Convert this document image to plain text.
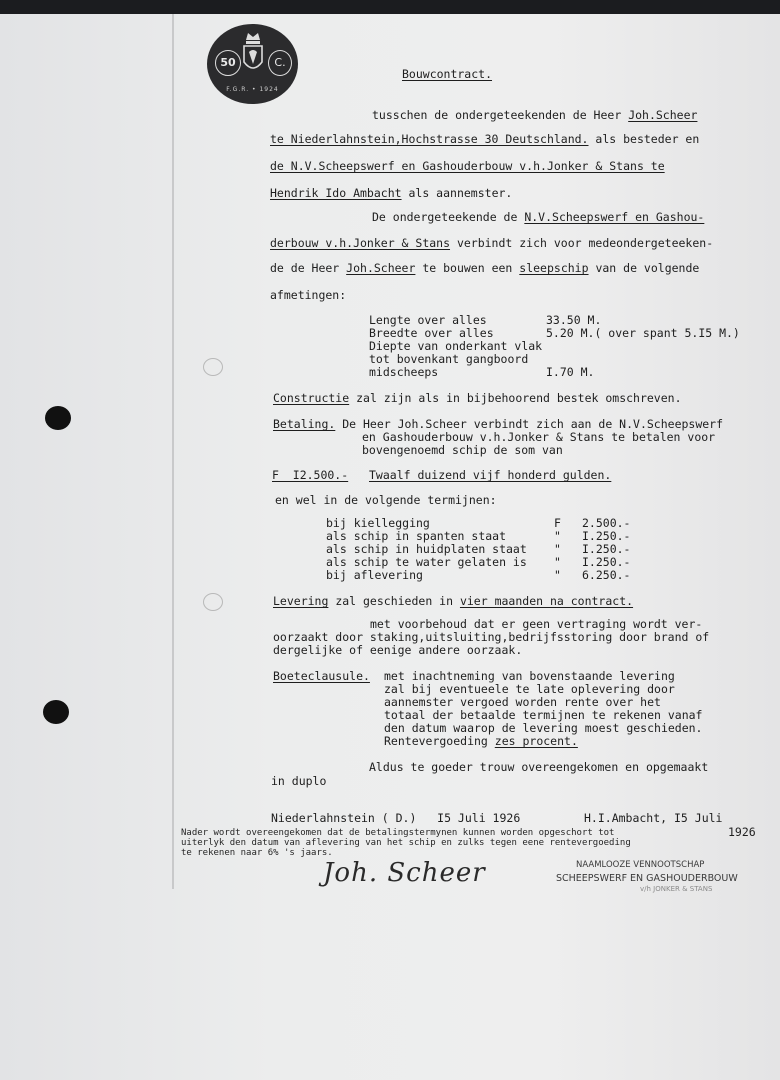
50	C.
F.G.R. • 1924
Bouwcontract.
tusschen de ondergeteekenden de Heer Joh.Scheer
te Niederlahnstein,Hochstrasse 30 Deutschland. als besteder en
de N.V.Scheepswerf en Gashouderbouw v.h.Jonker & Stans te
Hendrik Ido Ambacht als aannemster.
De ondergeteekende de N.V.Scheepswerf en Gashou-
derbouw v.h.Jonker & Stans verbindt zich voor medeondergeteeken-
de de Heer Joh.Scheer te bouwen een sleepschip van de volgende
afmetingen:
Lengte over alles	33.50 M.
Breedte over alles	5.20 M.( over spant 5.I5 M.)
Diepte van onderkant vlak
tot bovenkant gangboord
midscheeps	I.70 M.
Constructie zal zijn als in bijbehoorend bestek omschreven.
Betaling. De Heer Joh.Scheer verbindt zich aan de N.V.Scheepswerf
en Gashouderbouw v.h.Jonker & Stans te betalen voor
bovengenoemd schip de som van
F  I2.500.- Twaalf duizend vijf honderd gulden.
en wel in de volgende termijnen:
bij kiellegging	F 2.500.-
als schip in spanten staat	" I.250.-
als schip in huidplaten staat " I.250.-
als schip te water gelaten is " I.250.-
bij aflevering	" 6.250.-
Levering zal geschieden in vier maanden na contract.
met voorbehoud dat er geen vertraging wordt ver-
oorzaakt door staking,uitsluiting,bedrijfsstoring door brand of
dergelijke of eenige andere oorzaak.
Boeteclausule. met inachtneming van bovenstaande levering
zal bij eventueele te late oplevering door
aannemster vergoed worden rente over het
totaal der betaalde termijnen te rekenen vanaf
den datum waarop de levering moest geschieden.
Rentevergoeding zes procent.
Aldus te goeder trouw overeengekomen en opgemaakt
in duplo
Niederlahnstein ( D.)   I5 Juli 1926	H.I.Ambacht, I5 Juli
1926
Nader wordt overeengekomen dat de betalingstermynen kunnen worden opgeschort tot
uiterlyk den datum van aflevering van het schip en zulks tegen eene rentevergoeding
te rekenen naar 6% 's jaars.
Joh. Scheer	NAAMLOOZE VENNOOTSCHAP
SCHEEPSWERF EN GASHOUDERBOUW
v/h JONKER & STANS
